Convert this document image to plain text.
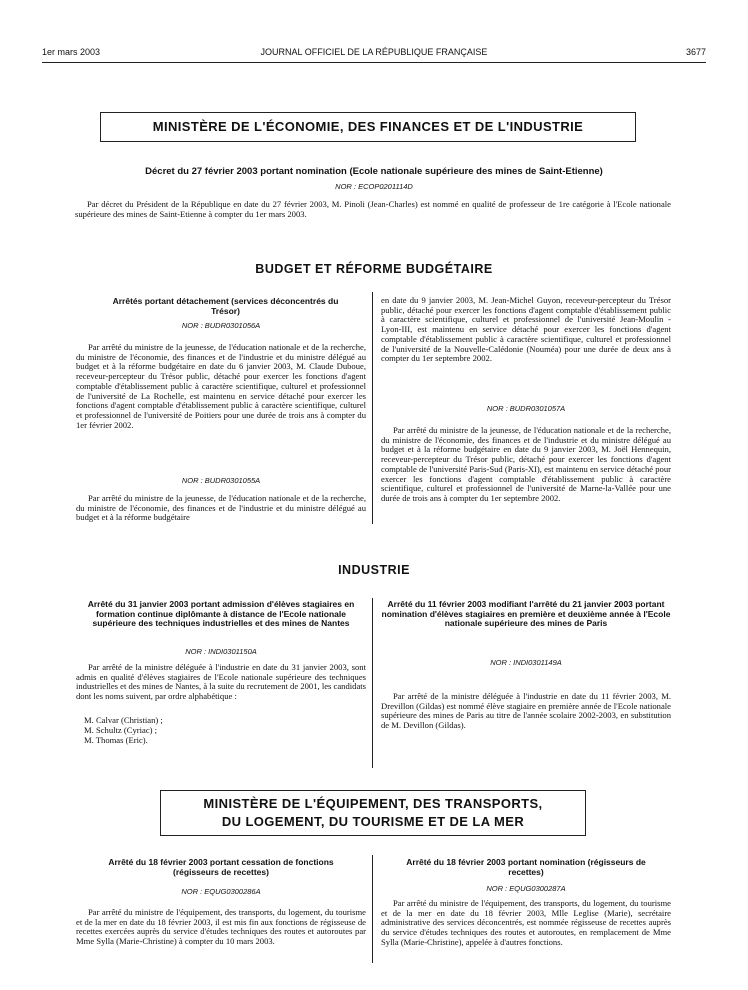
1er mars 2003	JOURNAL OFFICIEL DE LA RÉPUBLIQUE FRANÇAISE	3677
MINISTÈRE DE L'ÉCONOMIE, DES FINANCES ET DE L'INDUSTRIE
Décret du 27 février 2003 portant nomination (Ecole nationale supérieure des mines de Saint-Etienne)
NOR : ECOP0201114D

Par décret du Président de la République en date du 27 février 2003, M. Pinoli (Jean-Charles) est nommé en qualité de professeur de 1re catégorie à l'Ecole nationale supérieure des mines de Saint-Etienne à compter du 1er mars 2003.

BUDGET ET RÉFORME BUDGÉTAIRE
Arrêtés portant détachement (services déconcentrés du Trésor)
NOR : BUDR0301056A

Par arrêté du ministre de la jeunesse, de l'éducation nationale et de la recherche, du ministre de l'économie, des finances et de l'industrie et du ministre délégué au budget et à la réforme budgétaire en date du 6 janvier 2003, M. Claude Duboue, receveur-percepteur du Trésor public, détaché pour exercer les fonctions d'agent comptable d'établissement public à caractère scientifique, culturel et professionnel de l'université de La Rochelle, est maintenu en service détaché pour exercer les fonctions d'agent comptable d'établissement public à caractère scientifique, culturel et professionnel de l'université de Poitiers pour une durée de trois ans à compter du 1er février 2002.

NOR : BUDR0301055A

Par arrêté du ministre de la jeunesse, de l'éducation nationale et de la recherche, du ministre de l'économie, des finances et de l'industrie et du ministre délégué au budget et à la réforme budgétaire

en date du 9 janvier 2003, M. Jean-Michel Guyon, receveur-percepteur du Trésor public, détaché pour exercer les fonctions d'agent comptable d'établissement public à caractère scientifique, culturel et professionnel de l'université Jean-Moulin - Lyon-III, est maintenu en service détaché pour exercer les fonctions d'agent comptable d'établissement public à caractère scientifique, culturel et professionnel de l'université de la Nouvelle-Calédonie (Nouméa) pour une durée de deux ans à compter du 1er septembre 2002.

NOR : BUDR0301057A

Par arrêté du ministre de la jeunesse, de l'éducation nationale et de la recherche, du ministre de l'économie, des finances et de l'industrie et du ministre délégué au budget et à la réforme budgétaire en date du 9 janvier 2003, M. Joël Hennequin, receveur-percepteur du Trésor public, détaché pour exercer les fonctions d'agent comptable de l'université Paris-Sud (Paris-XI), est maintenu en service détaché pour exercer les fonctions d'agent comptable d'établissement public à caractère scientifique, culturel et professionnel de l'université de Marne-la-Vallée pour une durée de trois ans à compter du 1er septembre 2002.

INDUSTRIE
Arrêté du 31 janvier 2003 portant admission d'élèves stagiaires en formation continue diplômante à distance de l'Ecole nationale supérieure des techniques industrielles et des mines de Nantes
NOR : INDI0301150A

Par arrêté de la ministre déléguée à l'industrie en date du 31 janvier 2003, sont admis en qualité d'élèves stagiaires de l'Ecole nationale supérieure des techniques industrielles et des mines de Nantes, à la suite du recrutement de 2001, les candidats dont les noms suivent, par ordre alphabétique :

M. Calvar (Christian) ;
M. Schultz (Cyriac) ;
M. Thomas (Eric).
Arrêté du 11 février 2003 modifiant l'arrêté du 21 janvier 2003 portant nomination d'élèves stagiaires en première et deuxième année à l'Ecole nationale supérieure des mines de Paris
NOR : INDI0301149A

Par arrêté de la ministre déléguée à l'industrie en date du 11 février 2003, M. Drevillon (Gildas) est nommé élève stagiaire en première année de l'Ecole nationale supérieure des mines de Paris au titre de l'année scolaire 2002-2003, en substitution de M. Devillon (Gildas).

MINISTÈRE DE L'ÉQUIPEMENT, DES TRANSPORTS,
DU LOGEMENT, DU TOURISME ET DE LA MER
Arrêté du 18 février 2003 portant cessation de fonctions (régisseurs de recettes)
NOR : EQUG0300286A

Par arrêté du ministre de l'équipement, des transports, du logement, du tourisme et de la mer en date du 18 février 2003, il est mis fin aux fonctions de régisseuse de recettes exercées auprès du service d'études techniques des routes et autoroutes par Mme Sylla (Marie-Christine) à compter du 10 mars 2003.

Arrêté du 18 février 2003 portant nomination (régisseurs de recettes)
NOR : EQUG0300287A

Par arrêté du ministre de l'équipement, des transports, du logement, du tourisme et de la mer en date du 18 février 2003, Mlle Leglise (Marie), secrétaire administrative des services déconcentrés, est nommée régisseuse de recettes auprès du service d'études techniques des routes et autoroutes, en remplacement de Mme Sylla (Marie-Christine), appelée à d'autres fonctions.
